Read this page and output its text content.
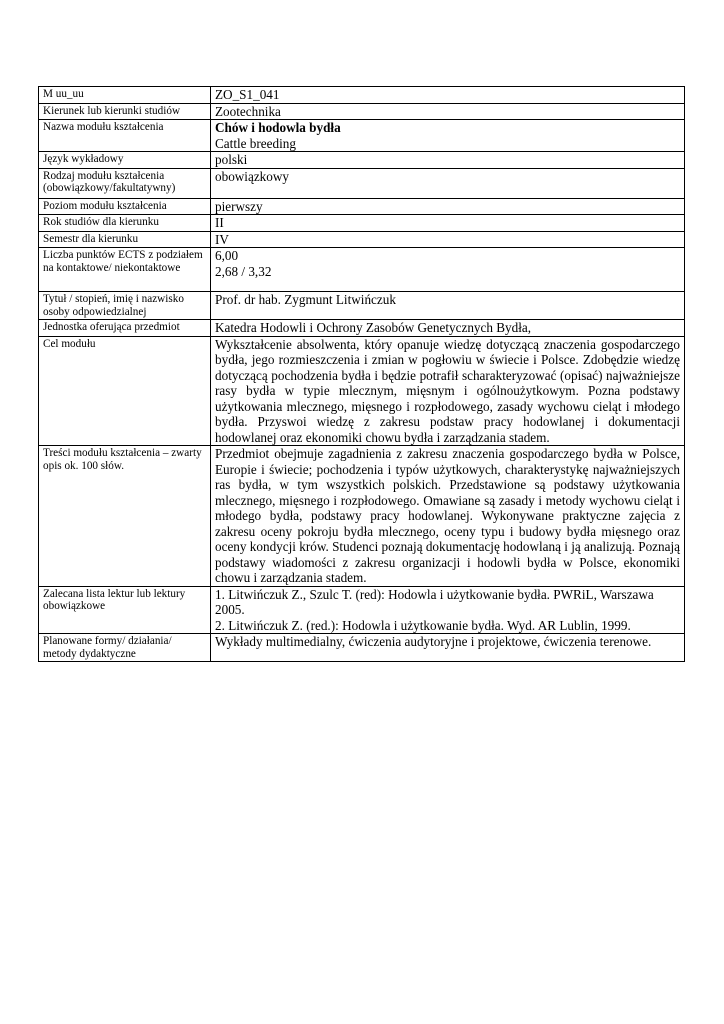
M uu_uu	ZO_S1_041
Kierunek lub kierunki studiów	Zootechnika
Nazwa modułu kształcenia	Chów i hodowla bydła
Cattle breeding

Język wykładowy	polski
Rodzaj modułu kształcenia (obowiązkowy/fakultatywny)	obowiązkowy
Poziom modułu kształcenia	pierwszy
Rok studiów dla kierunku	II
Semestr dla kierunku	IV
Liczba punktów ECTS z podziałem na kontaktowe/ niekontaktowe	6,00
2,68 / 3,32

Tytuł / stopień, imię i nazwisko osoby odpowiedzialnej	Prof. dr hab. Zygmunt Litwińczuk
Jednostka oferująca przedmiot	Katedra Hodowli i Ochrony Zasobów Genetycznych Bydła,
Cel modułu	Wykształcenie absolwenta, który opanuje wiedzę dotyczącą znaczenia gospodarczego bydła, jego rozmieszczenia i zmian w pogłowiu w świecie i Polsce. Zdobędzie wiedzę dotyczącą pochodzenia bydła i będzie potrafił scharakteryzować (opisać) najważniejsze rasy bydła w typie mlecznym, mięsnym i ogólnoużytkowym. Pozna podstawy użytkowania mlecznego, mięsnego i rozpłodowego, zasady wychowu cieląt i młodego bydła. Przyswoi wiedzę z zakresu podstaw pracy hodowlanej i dokumentacji hodowlanej oraz ekonomiki chowu bydła i zarządzania stadem.
Treści modułu kształcenia – zwarty opis ok. 100 słów.	Przedmiot obejmuje zagadnienia z zakresu znaczenia gospodarczego bydła w Polsce, Europie i świecie; pochodzenia i typów użytkowych, charakterystykę najważniejszych ras bydła, w tym wszystkich polskich. Przedstawione są podstawy użytkowania mlecznego, mięsnego i rozpłodowego. Omawiane są zasady i metody wychowu cieląt i młodego bydła, podstawy pracy hodowlanej. Wykonywane praktyczne zajęcia z zakresu oceny pokroju bydła mlecznego, oceny typu i budowy bydła mięsnego oraz oceny kondycji krów. Studenci poznają dokumentację hodowlaną i ją analizują. Poznają podstawy wiadomości z zakresu organizacji i hodowli bydła w Polsce, ekonomiki chowu i zarządzania stadem.
Zalecana lista lektur lub lektury obowiązkowe	1. Litwińczuk Z., Szulc T. (red): Hodowla i użytkowanie bydła. PWRiL, Warszawa 2005.
2. Litwińczuk Z. (red.): Hodowla i użytkowanie bydła. Wyd. AR Lublin, 1999.

Planowane formy/ działania/ metody dydaktyczne	Wykłady multimedialny, ćwiczenia audytoryjne i projektowe, ćwiczenia terenowe.
